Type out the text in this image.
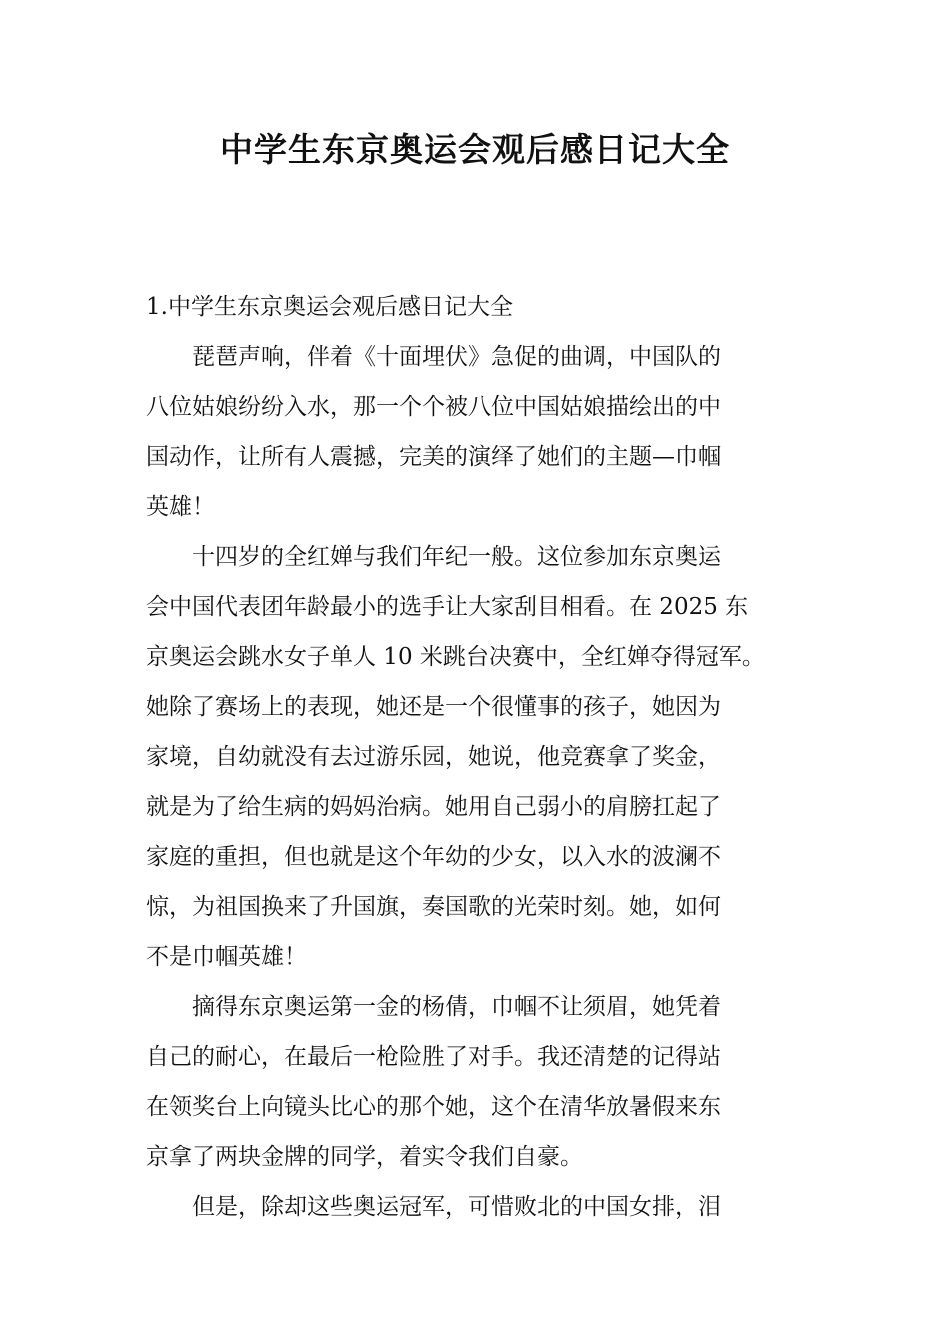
中学生东京奥运会观后感日记大全

1.中学生东京奥运会观后感日记大全

琵琶声响，伴着《十面埋伏》急促的曲调，中国队的
八位姑娘纷纷入水，那一个个被八位中国姑娘描绘出的中
国动作，让所有人震撼，完美的演绎了她们的主题—巾帼
英雄！
十四岁的全红婵与我们年纪一般。这位参加东京奥运
会中国代表团年龄最小的选手让大家刮目相看。在 2025 东
京奥运会跳水女子单人 10 米跳台决赛中，全红婵夺得冠军。
她除了赛场上的表现，她还是一个很懂事的孩子，她因为
家境，自幼就没有去过游乐园，她说，他竞赛拿了奖金，
就是为了给生病的妈妈治病。她用自己弱小的肩膀扛起了
家庭的重担，但也就是这个年幼的少女，以入水的波澜不
惊，为祖国换来了升国旗，奏国歌的光荣时刻。她，如何
不是巾帼英雄！
摘得东京奥运第一金的杨倩，巾帼不让须眉，她凭着
自己的耐心，在最后一枪险胜了对手。我还清楚的记得站
在领奖台上向镜头比心的那个她，这个在清华放暑假来东
京拿了两块金牌的同学，着实令我们自豪。
但是，除却这些奥运冠军，可惜败北的中国女排，泪
